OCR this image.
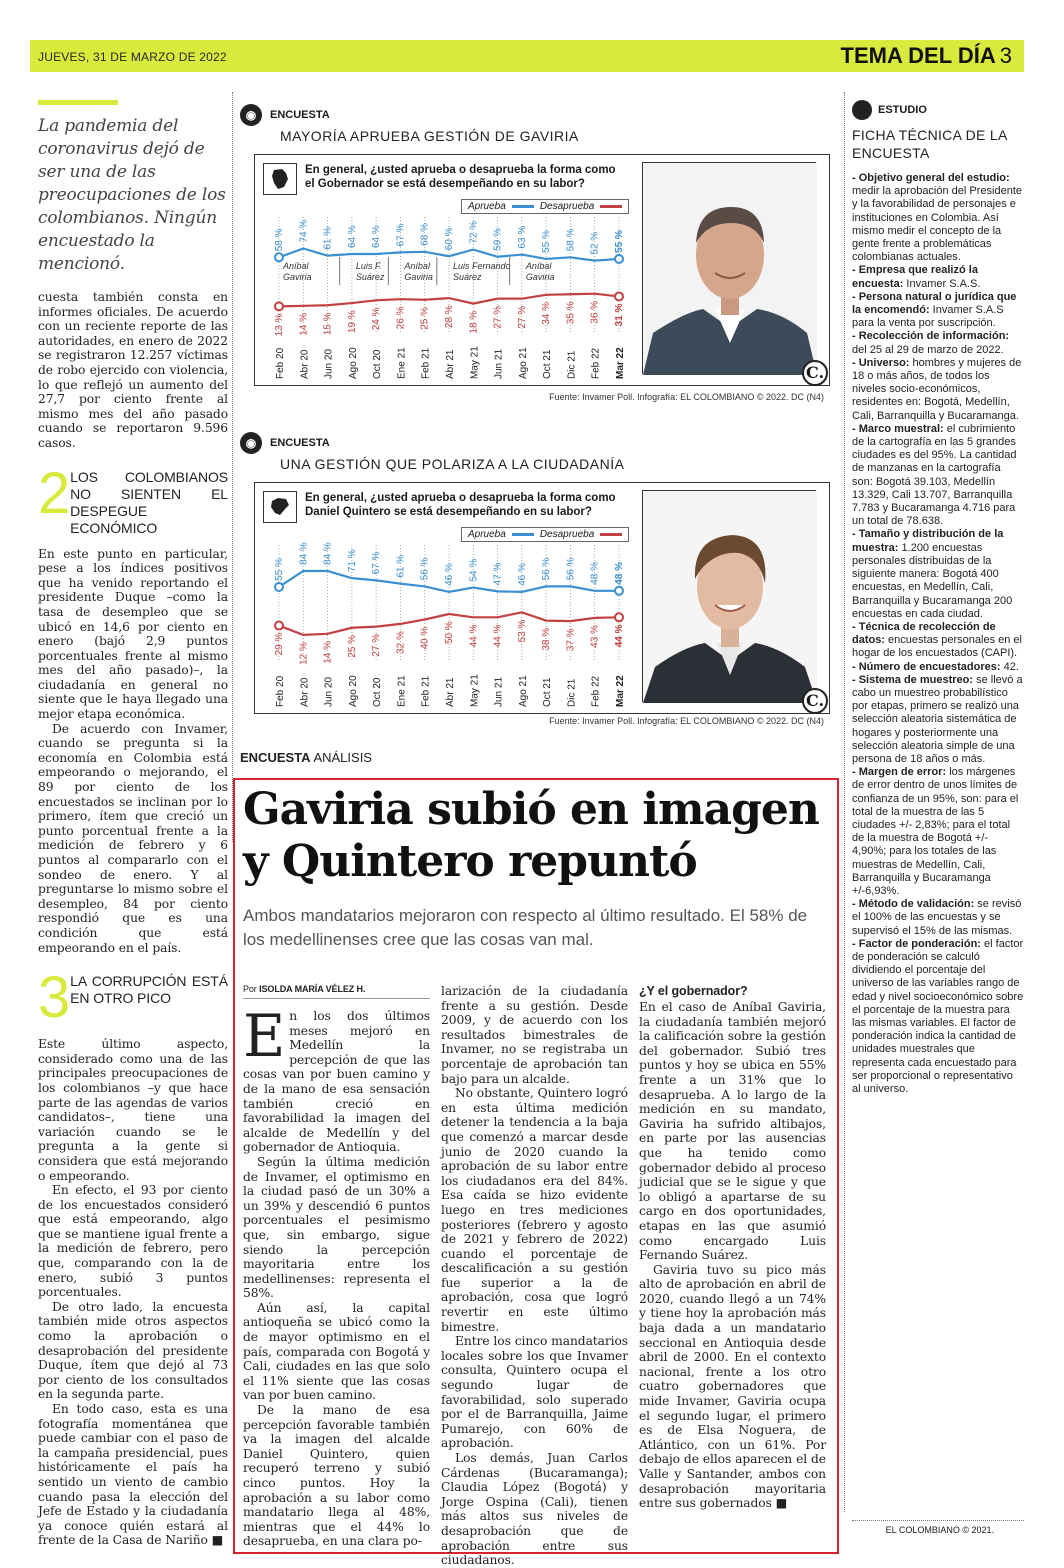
JUEVES, 31 DE MARZO DE 2022	TEMA DEL DÍA 3
La pandemia del coronavirus dejó de ser una de las preocupaciones de los colombianos. Ningún encuestado la mencionó.

cuesta también consta en informes oficiales. De acuerdo con un reciente reporte de las autoridades, en enero de 2022 se registraron 12.257 víctimas de robo ejercido con violencia, lo que reflejó un aumento del 27,7 por ciento frente al mismo mes del año pasado cuando se reportaron 9.596 casos.

2 LOS COLOMBIANOS NO SIENTEN EL DESPEGUE ECONÓMICO

En este punto en particular, pese a los índices positivos que ha venido reportando el presidente Duque –como la tasa de desempleo que se ubicó en 14,6 por ciento en enero (bajó 2,9 puntos porcentuales frente al mismo mes del año pasado)–, la ciudadanía en general no siente que le haya llegado una mejor etapa económica.

De acuerdo con Invamer, cuando se pregunta si la economía en Colombia está empeorando o mejorando, el 89 por ciento de los encuestados se inclinan por lo primero, ítem que creció un punto porcentual frente a la medición de febrero y 6 puntos al compararlo con el sondeo de enero. Y al preguntarse lo mismo sobre el desempleo, 84 por ciento respondió que es una condición que está empeorando en el país.

3 LA CORRUPCIÓN ESTÁ EN OTRO PICO

Este último aspecto, considerado como una de las principales preocupaciones de los colombianos –y que hace parte de las agendas de varios candidatos–, tiene una variación cuando se le pregunta a la gente si considera que está mejorando o empeorando.

En efecto, el 93 por ciento de los encuestados consideró que está empeorando, algo que se mantiene igual frente a la medición de febrero, pero que, comparando con la de enero, subió 3 puntos porcentuales.

De otro lado, la encuesta también mide otros aspectos como la aprobación o desaprobación del presidente Duque, ítem que dejó al 73 por ciento de los consultados en la segunda parte.

En todo caso, esta es una fotografía momentánea que puede cambiar con el paso de la campaña presidencial, pues históricamente el país ha sentido un viento de cambio cuando pasa la elección del Jefe de Estado y la ciudadanía ya conoce quién estará al frente de la Casa de Nariño ■

◉	ENCUESTA
MAYORÍA APRUEBA GESTIÓN DE GAVIRIA
En general, ¿usted aprueba o desaprueba la forma como el Gobernador se está desempeñando en su labor?
Aprueba	Desaprueba
Aníbal
Gaviria
Luis F.
Suárez
Aníbal
Gaviria
Luis Fernando
Suárez
Aníbal
Gaviria
58 % 74 % 61 % 64 % 64 % 67 % 68 % 60 % 72 % 59 % 63 % 55 % 58 % 52 % 55 %
13 % 14 % 15 % 19 % 24 % 26 % 25 % 28 % 18 % 27 % 27 % 34 % 35 % 36 % 31 %
Feb 20 Abr 20 Jun 20 Ago 20 Oct 20 Ene 21 Feb 21 Abr 21 May 21 Jun 21 Ago 21 Oct 21 Dic 21 Feb 22 Mar 22	C.
Fuente: Invamer Poll. Infografía: EL COLOMBIANO © 2022. DC (N4)
◉	ENCUESTA
UNA GESTIÓN QUE POLARIZA A LA CIUDADANÍA
En general, ¿usted aprueba o desaprueba la forma como Daniel Quintero se está desempeñando en su labor?
Aprueba	Desaprueba
55 %
84 % 84 % 71 % 67 % 61 % 56 % 46 % 54 % 47 % 46 % 56 % 56 % 48 % 48 %
29 % 12 % 14 % 25 % 27 % 32 % 40 % 50 % 44 % 44 % 53 % 38 % 37 % 43 % 44 %
Feb 20 Abr 20 Jun 20 Ago 20 Oct 20 Ene 21 Feb 21 Abr 21 May 21 Jun 21 Ago 21 Oct 21 Dic 21 Feb 22 Mar 22	C.
Fuente: Invamer Poll. Infografía: EL COLOMBIANO © 2022. DC (N4)
ENCUESTA ANÁLISIS
Gaviria subió en imagen y Quintero repuntó
Ambos mandatarios mejoraron con respecto al último resultado. El 58% de los medellinenses cree que las cosas van mal.
Por ISOLDA MARÍA VÉLEZ H.

En los dos últimos meses mejoró en Medellín la percepción de que las cosas van por buen camino y de la mano de esa sensación también creció en favorabilidad la imagen del alcalde de Medellín y del gobernador de Antioquia.

Según la última medición de Invamer, el optimismo en la ciudad pasó de un 30% a un 39% y descendió 6 puntos porcentuales el pesimismo que, sin embargo, sigue siendo la percepción mayoritaria entre los medellinenses: representa el 58%.

Aún así, la capital antioqueña se ubicó como la de mayor optimismo en el país, comparada con Bogotá y Cali, ciudades en las que solo el 11% siente que las cosas van por buen camino.

De la mano de esa percepción favorable también va la imagen del alcalde Daniel Quintero, quien recuperó terreno y subió cinco puntos. Hoy la aprobación a su labor como mandatario llega al 48%, mientras que el 44% lo desaprueba, en una clara po-

larización de la ciudadanía frente a su gestión. Desde 2009, y de acuerdo con los resultados bimestrales de Invamer, no se registraba un porcentaje de aprobación tan bajo para un alcalde.

No obstante, Quintero logró en esta última medición detener la tendencia a la baja que comenzó a marcar desde junio de 2020 cuando la aprobación de su labor entre los ciudadanos era del 84%. Esa caída se hizo evidente luego en tres mediciones posteriores (febrero y agosto de 2021 y febrero de 2022) cuando el porcentaje de descalificación a su gestión fue superior a la de aprobación, cosa que logró revertir en este último bimestre.

Entre los cinco mandatarios locales sobre los que Invamer consulta, Quintero ocupa el segundo lugar de favorabilidad, solo superado por el de Barranquilla, Jaime Pumarejo, con 60% de aprobación.

Los demás, Juan Carlos Cárdenas (Bucaramanga); Claudia López (Bogotá) y Jorge Ospina (Cali), tienen más altos sus niveles de desaprobación que de aprobación entre sus ciudadanos.

¿Y el gobernador?

En el caso de Aníbal Gaviria, la ciudadanía también mejoró la calificación sobre la gestión del gobernador. Subió tres puntos y hoy se ubica en 55% frente a un 31% que lo desaprueba. A lo largo de la medición en su mandato, Gaviria ha sufrido altibajos, en parte por las ausencias que ha tenido como gobernador debido al proceso judicial que se le sigue y que lo obligó a apartarse de su cargo en dos oportunidades, etapas en las que asumió como encargado Luis Fernando Suárez.

Gaviria tuvo su pico más alto de aprobación en abril de 2020, cuando llegó a un 74% y tiene hoy la aprobación más baja dada a un mandatario seccional en Antioquia desde abril de 2000. En el contexto nacional, frente a los otro cuatro gobernadores que mide Invamer, Gaviria ocupa el segundo lugar, el primero es de Elsa Noguera, de Atlántico, con un 61%. Por debajo de ellos aparecen el de Valle y Santander, ambos con desaprobación mayoritaria entre sus gobernados ■

ESTUDIO
FICHA TÉCNICA DE LA ENCUESTA

- Objetivo general del estudio: medir la aprobación del Presidente y la favorabilidad de personajes e instituciones en Colombia. Así mismo medir el concepto de la gente frente a problemáticas colombianas actuales.

- Empresa que realizó la encuesta: Invamer S.A.S.

- Persona natural o jurídica que la encomendó: Invamer S.A.S para la venta por suscripción.

- Recolección de información: del 25 al 29 de marzo de 2022.

- Universo: hombres y mujeres de 18 o más años, de todos los niveles socio-económicos, residentes en: Bogotá, Medellín, Cali, Barranquilla y Bucaramanga.

- Marco muestral: el cubrimiento de la cartografía en las 5 grandes ciudades es del 95%. La cantidad de manzanas en la cartografía son: Bogotá 39.103, Medellín 13.329, Cali 13.707, Barranquilla 7.783 y Bucaramanga 4.716 para un total de 78.638.

- Tamaño y distribución de la muestra: 1.200 encuestas personales distribuidas de la siguiente manera: Bogotá 400 encuestas, en Medellín, Cali, Barranquilla y Bucaramanga 200 encuestas en cada ciudad.

- Técnica de recolección de datos: encuestas personales en el hogar de los encuestados (CAPI).

- Número de encuestadores: 42.

- Sistema de muestreo: se llevó a cabo un muestreo probabilístico por etapas, primero se realizó una selección aleatoria sistemática de hogares y posteriormente una selección aleatoria simple de una persona de 18 años o más.

- Margen de error: los márgenes de error dentro de unos límites de confianza de un 95%, son: para el total de la muestra de las 5 ciudades +/- 2,83%; para el total de la muestra de Bogotá +/- 4,90%; para los totales de las muestras de Medellín, Cali, Barranquilla y Bucaramanga +/-6,93%.

- Método de validación: se revisó el 100% de las encuestas y se supervisó el 15% de las mismas.

- Factor de ponderación: el factor de ponderación se calculó dividiendo el porcentaje del universo de las variables rango de edad y nivel socioeconómico sobre el porcentaje de la muestra para las mismas variables. El factor de ponderación indica la cantidad de unidades muestrales que representa cada encuestado para ser proporcional o representativo al universo.

EL COLOMBIANO © 2021.
